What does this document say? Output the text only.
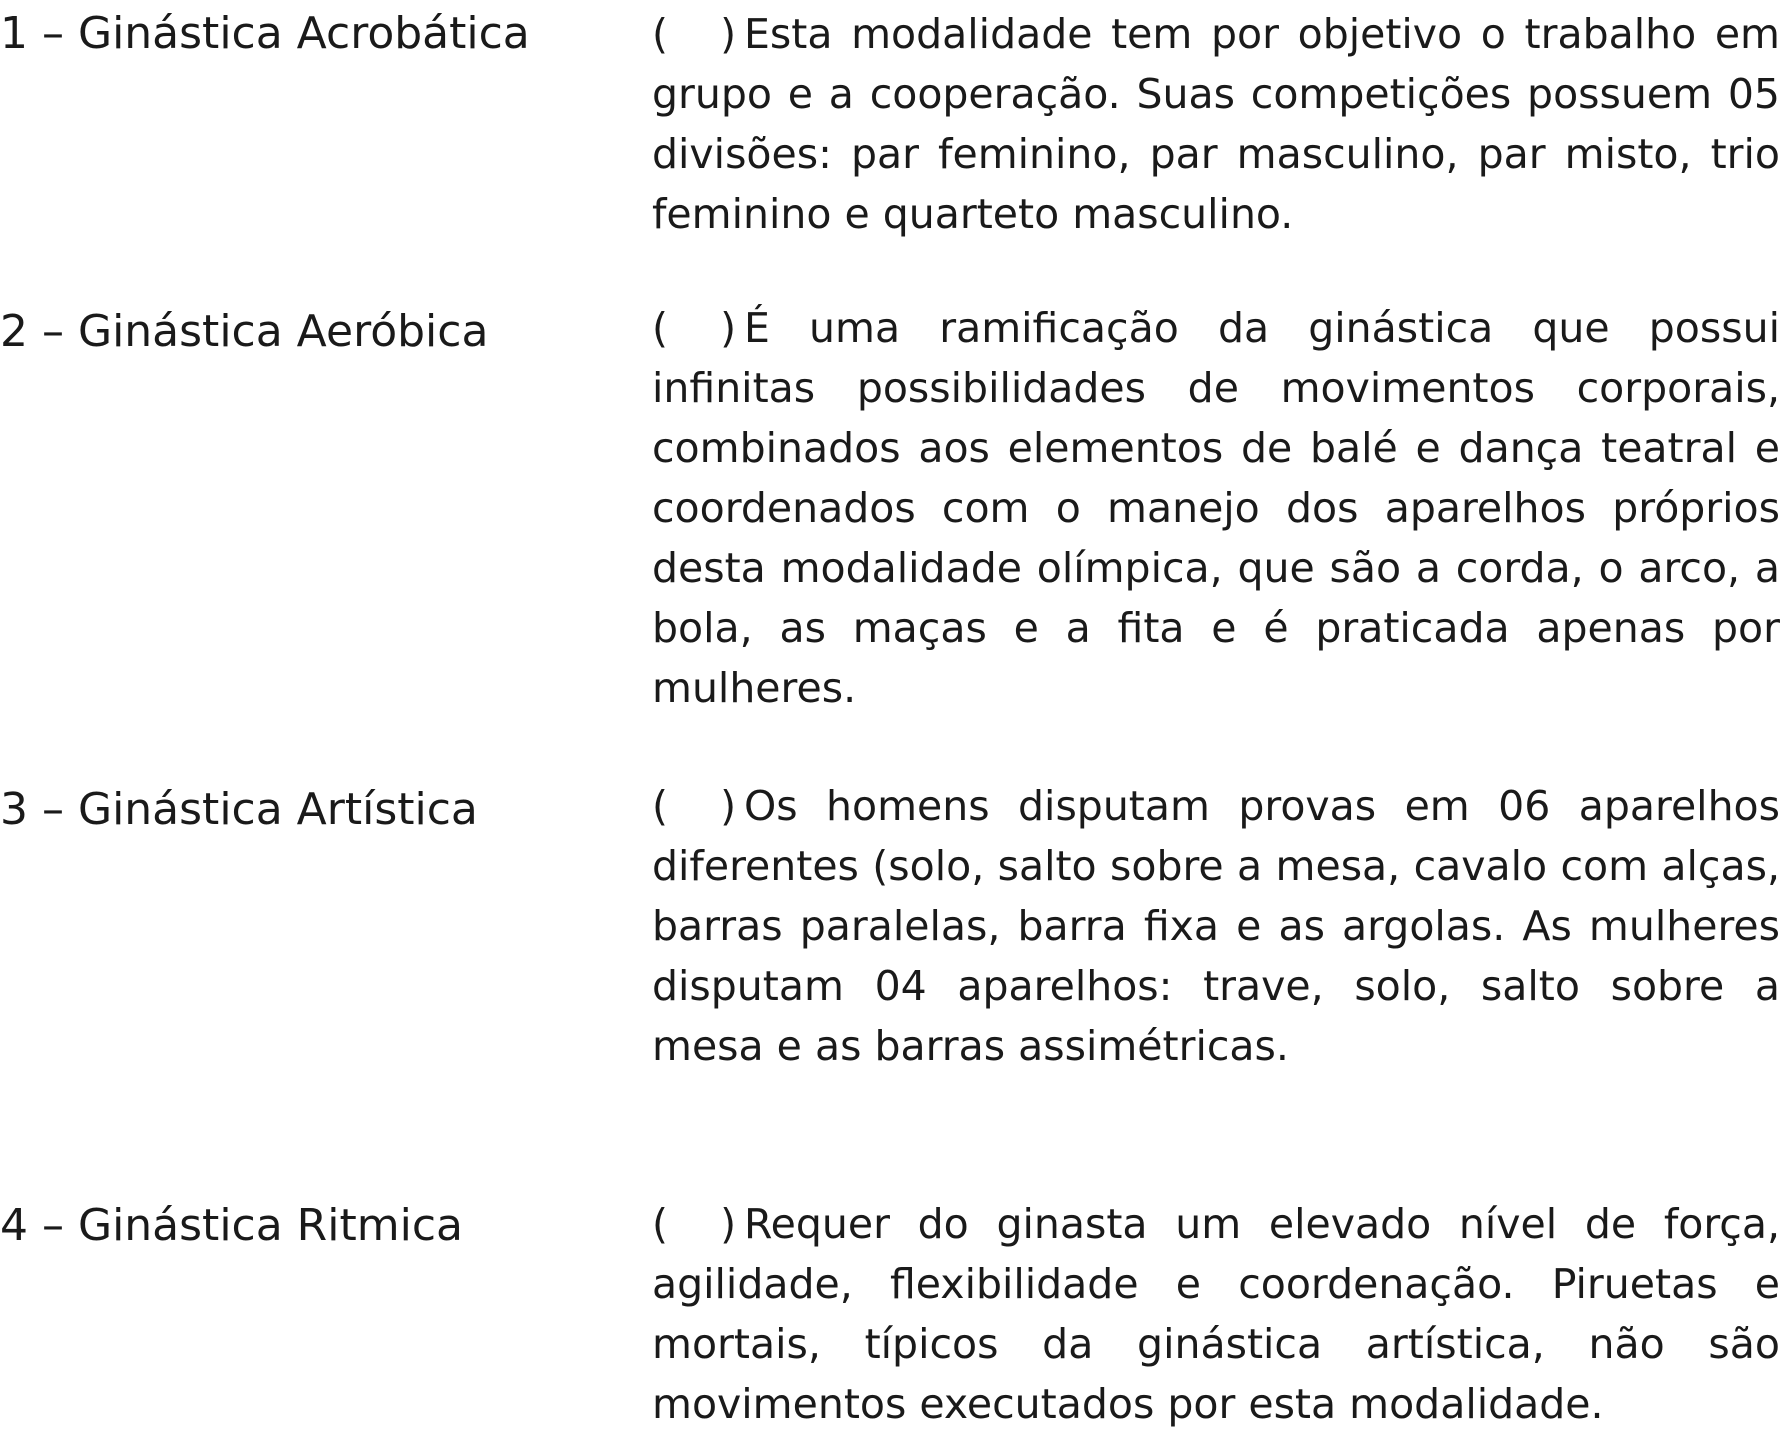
1 – Ginástica Acrobática	(    ) Esta modalidade tem por objetivo o trabalho em grupo e a cooperação. Suas competições possuem 05 divisões: par feminino, par masculino, par misto, trio feminino e quarteto masculino.
2 – Ginástica Aeróbica	(    ) É uma ramificação da ginástica que possui infinitas possibilidades de movimentos corporais, combinados aos elementos de balé e dança teatral e coordenados com o manejo dos aparelhos próprios desta modalidade olímpica, que são a corda, o arco, a bola, as maças e a fita e é praticada apenas por mulheres.
3 – Ginástica Artística	(    ) Os homens disputam provas em 06 aparelhos diferentes (solo, salto sobre a mesa, cavalo com alças, barras paralelas, barra fixa e as argolas. As mulheres disputam 04 aparelhos: trave, solo, salto sobre a mesa e as barras assimétricas.
4 – Ginástica Ritmica	(    ) Requer do ginasta um elevado nível de força, agilidade, flexibilidade e coordenação. Piruetas e mortais, típicos da ginástica artística, não são movimentos executados por esta modalidade.
